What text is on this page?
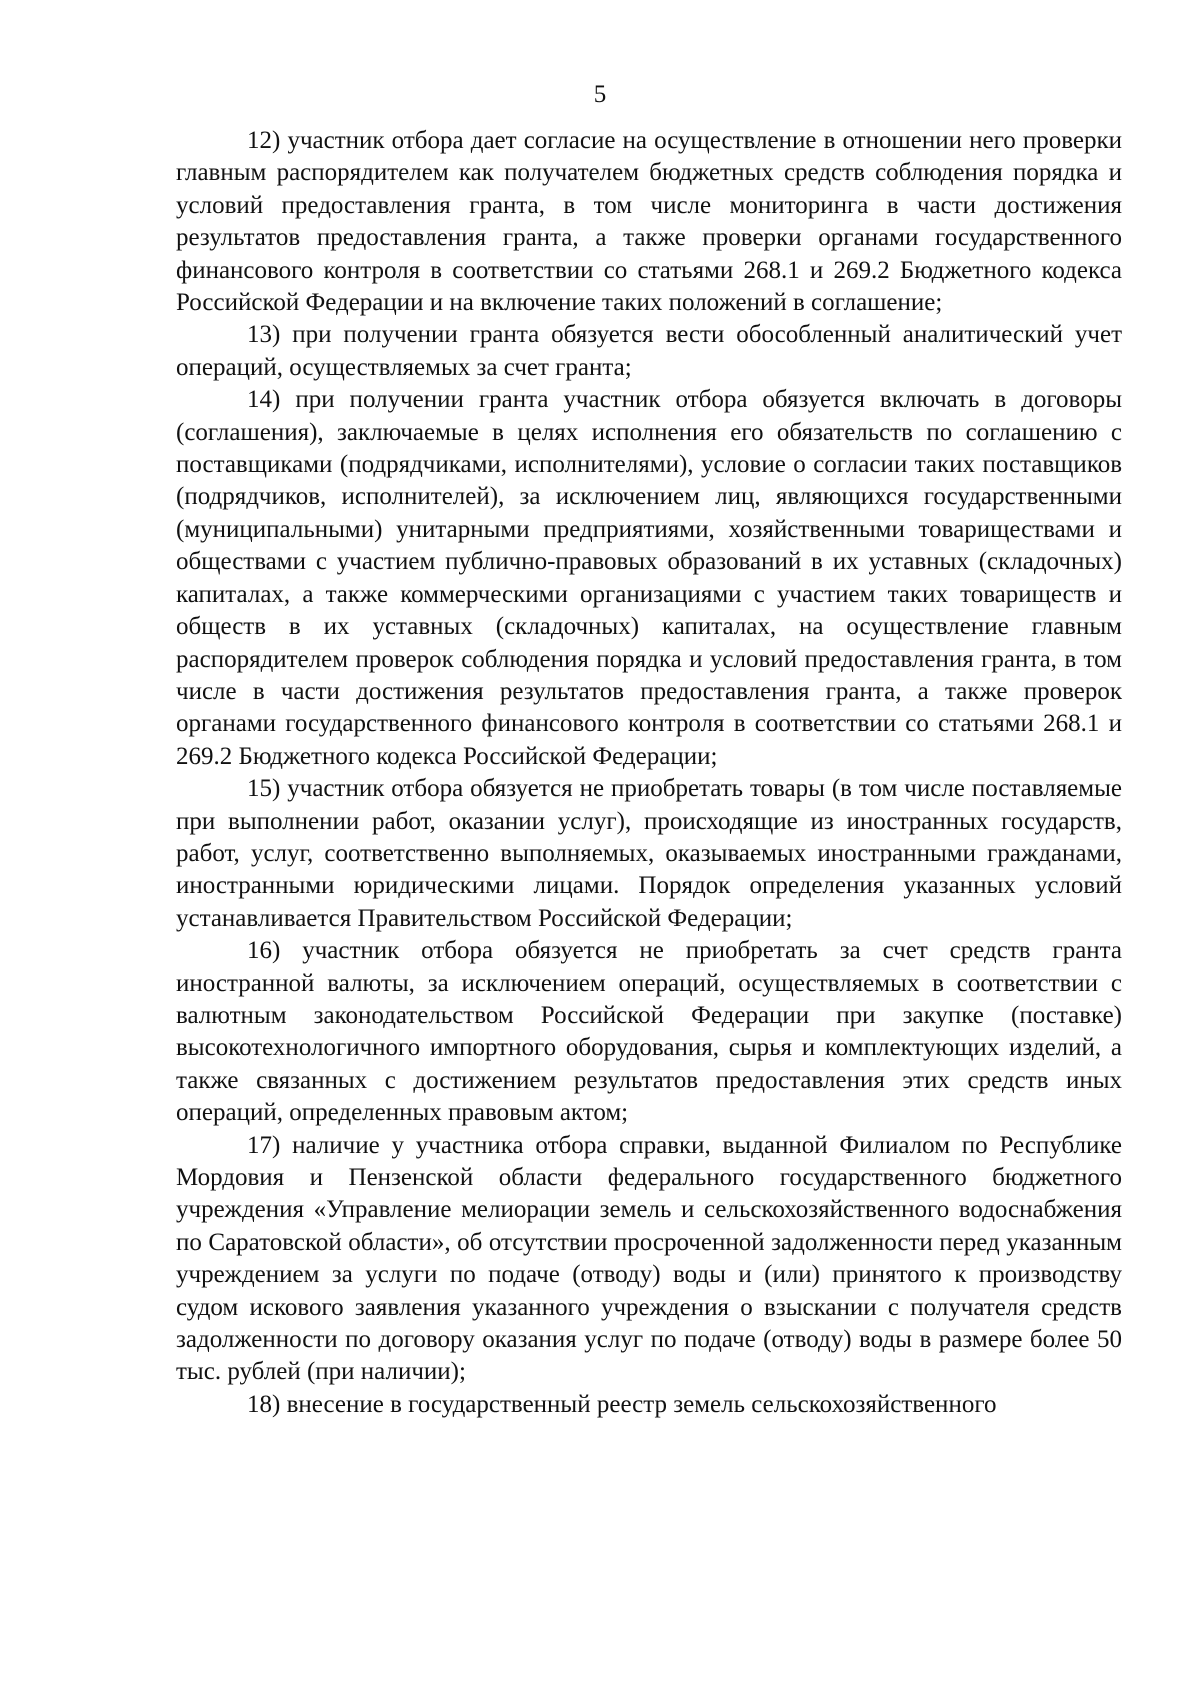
5

12) участник отбора дает согласие на осуществление в отношении него проверки главным распорядителем как получателем бюджетных средств соблюдения порядка и условий предоставления гранта, в том числе мониторинга в части достижения результатов предоставления гранта, а также проверки органами государственного финансового контроля в соответствии со статьями 268.1 и 269.2 Бюджетного кодекса Российской Федерации и на включение таких положений в соглашение;

13) при получении гранта обязуется вести обособленный аналитический учет операций, осуществляемых за счет гранта;

14) при получении гранта участник отбора обязуется включать в договоры (соглашения), заключаемые в целях исполнения его обязательств по соглашению с поставщиками (подрядчиками, исполнителями), условие о согласии таких поставщиков (подрядчиков, исполнителей), за исключением лиц, являющихся государственными (муниципальными) унитарными предприятиями, хозяйственными товариществами и обществами с участием публично-правовых образований в их уставных (складочных) капиталах, а также коммерческими организациями с участием таких товариществ и обществ в их уставных (складочных) капиталах, на осуществление главным распорядителем проверок соблюдения порядка и условий предоставления гранта, в том числе в части достижения результатов предоставления гранта, а также проверок органами государственного финансового контроля в соответствии со статьями 268.1 и 269.2 Бюджетного кодекса Российской Федерации;

15) участник отбора обязуется не приобретать товары (в том числе поставляемые при выполнении работ, оказании услуг), происходящие из иностранных государств, работ, услуг, соответственно выполняемых, оказываемых иностранными гражданами, иностранными юридическими лицами. Порядок определения указанных условий устанавливается Правительством Российской Федерации;

16) участник отбора обязуется не приобретать за счет средств гранта иностранной валюты, за исключением операций, осуществляемых в соответствии с валютным законодательством Российской Федерации при закупке (поставке) высокотехнологичного импортного оборудования, сырья и комплектующих изделий, а также связанных с достижением результатов предоставления этих средств иных операций, определенных правовым актом;

17) наличие у участника отбора справки, выданной Филиалом по Республике Мордовия и Пензенской области федерального государственного бюджетного учреждения «Управление мелиорации земель и сельскохозяйственного водоснабжения по Саратовской области», об отсутствии просроченной задолженности перед указанным учреждением за услуги по подаче (отводу) воды и (или) принятого к производству судом искового заявления указанного учреждения о взыскании с получателя средств задолженности по договору оказания услуг по подаче (отводу) воды в размере более 50 тыс. рублей (при наличии);

18) внесение в государственный реестр земель сельскохозяйственного
